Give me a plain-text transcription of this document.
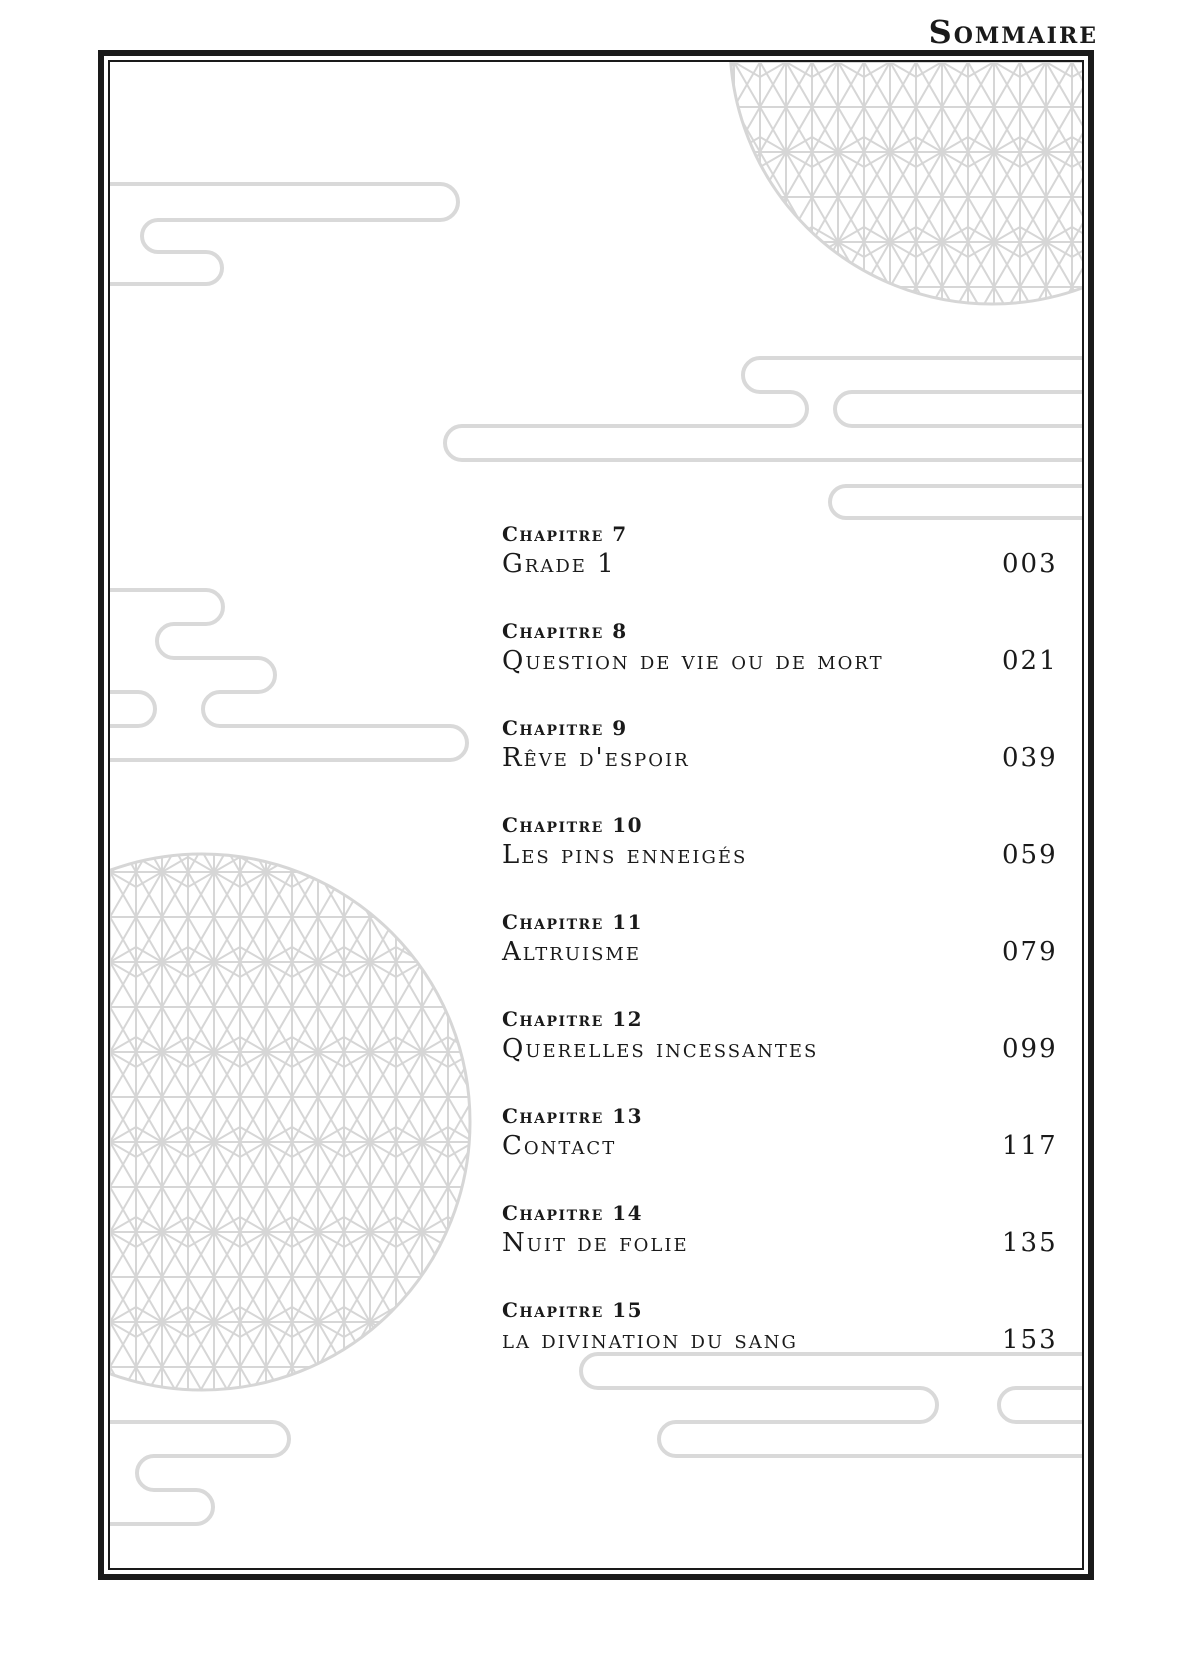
Sommaire
Chapitre 7
Grade 1	003
Chapitre 8
Question de vie ou de mort	021
Chapitre 9
Rêve d'espoir	039
Chapitre 10
Les pins enneigés	059
Chapitre 11
Altruisme	079
Chapitre 12
Querelles incessantes	099
Chapitre 13
Contact	117
Chapitre 14
Nuit de folie	135
Chapitre 15
la divination du sang	153
